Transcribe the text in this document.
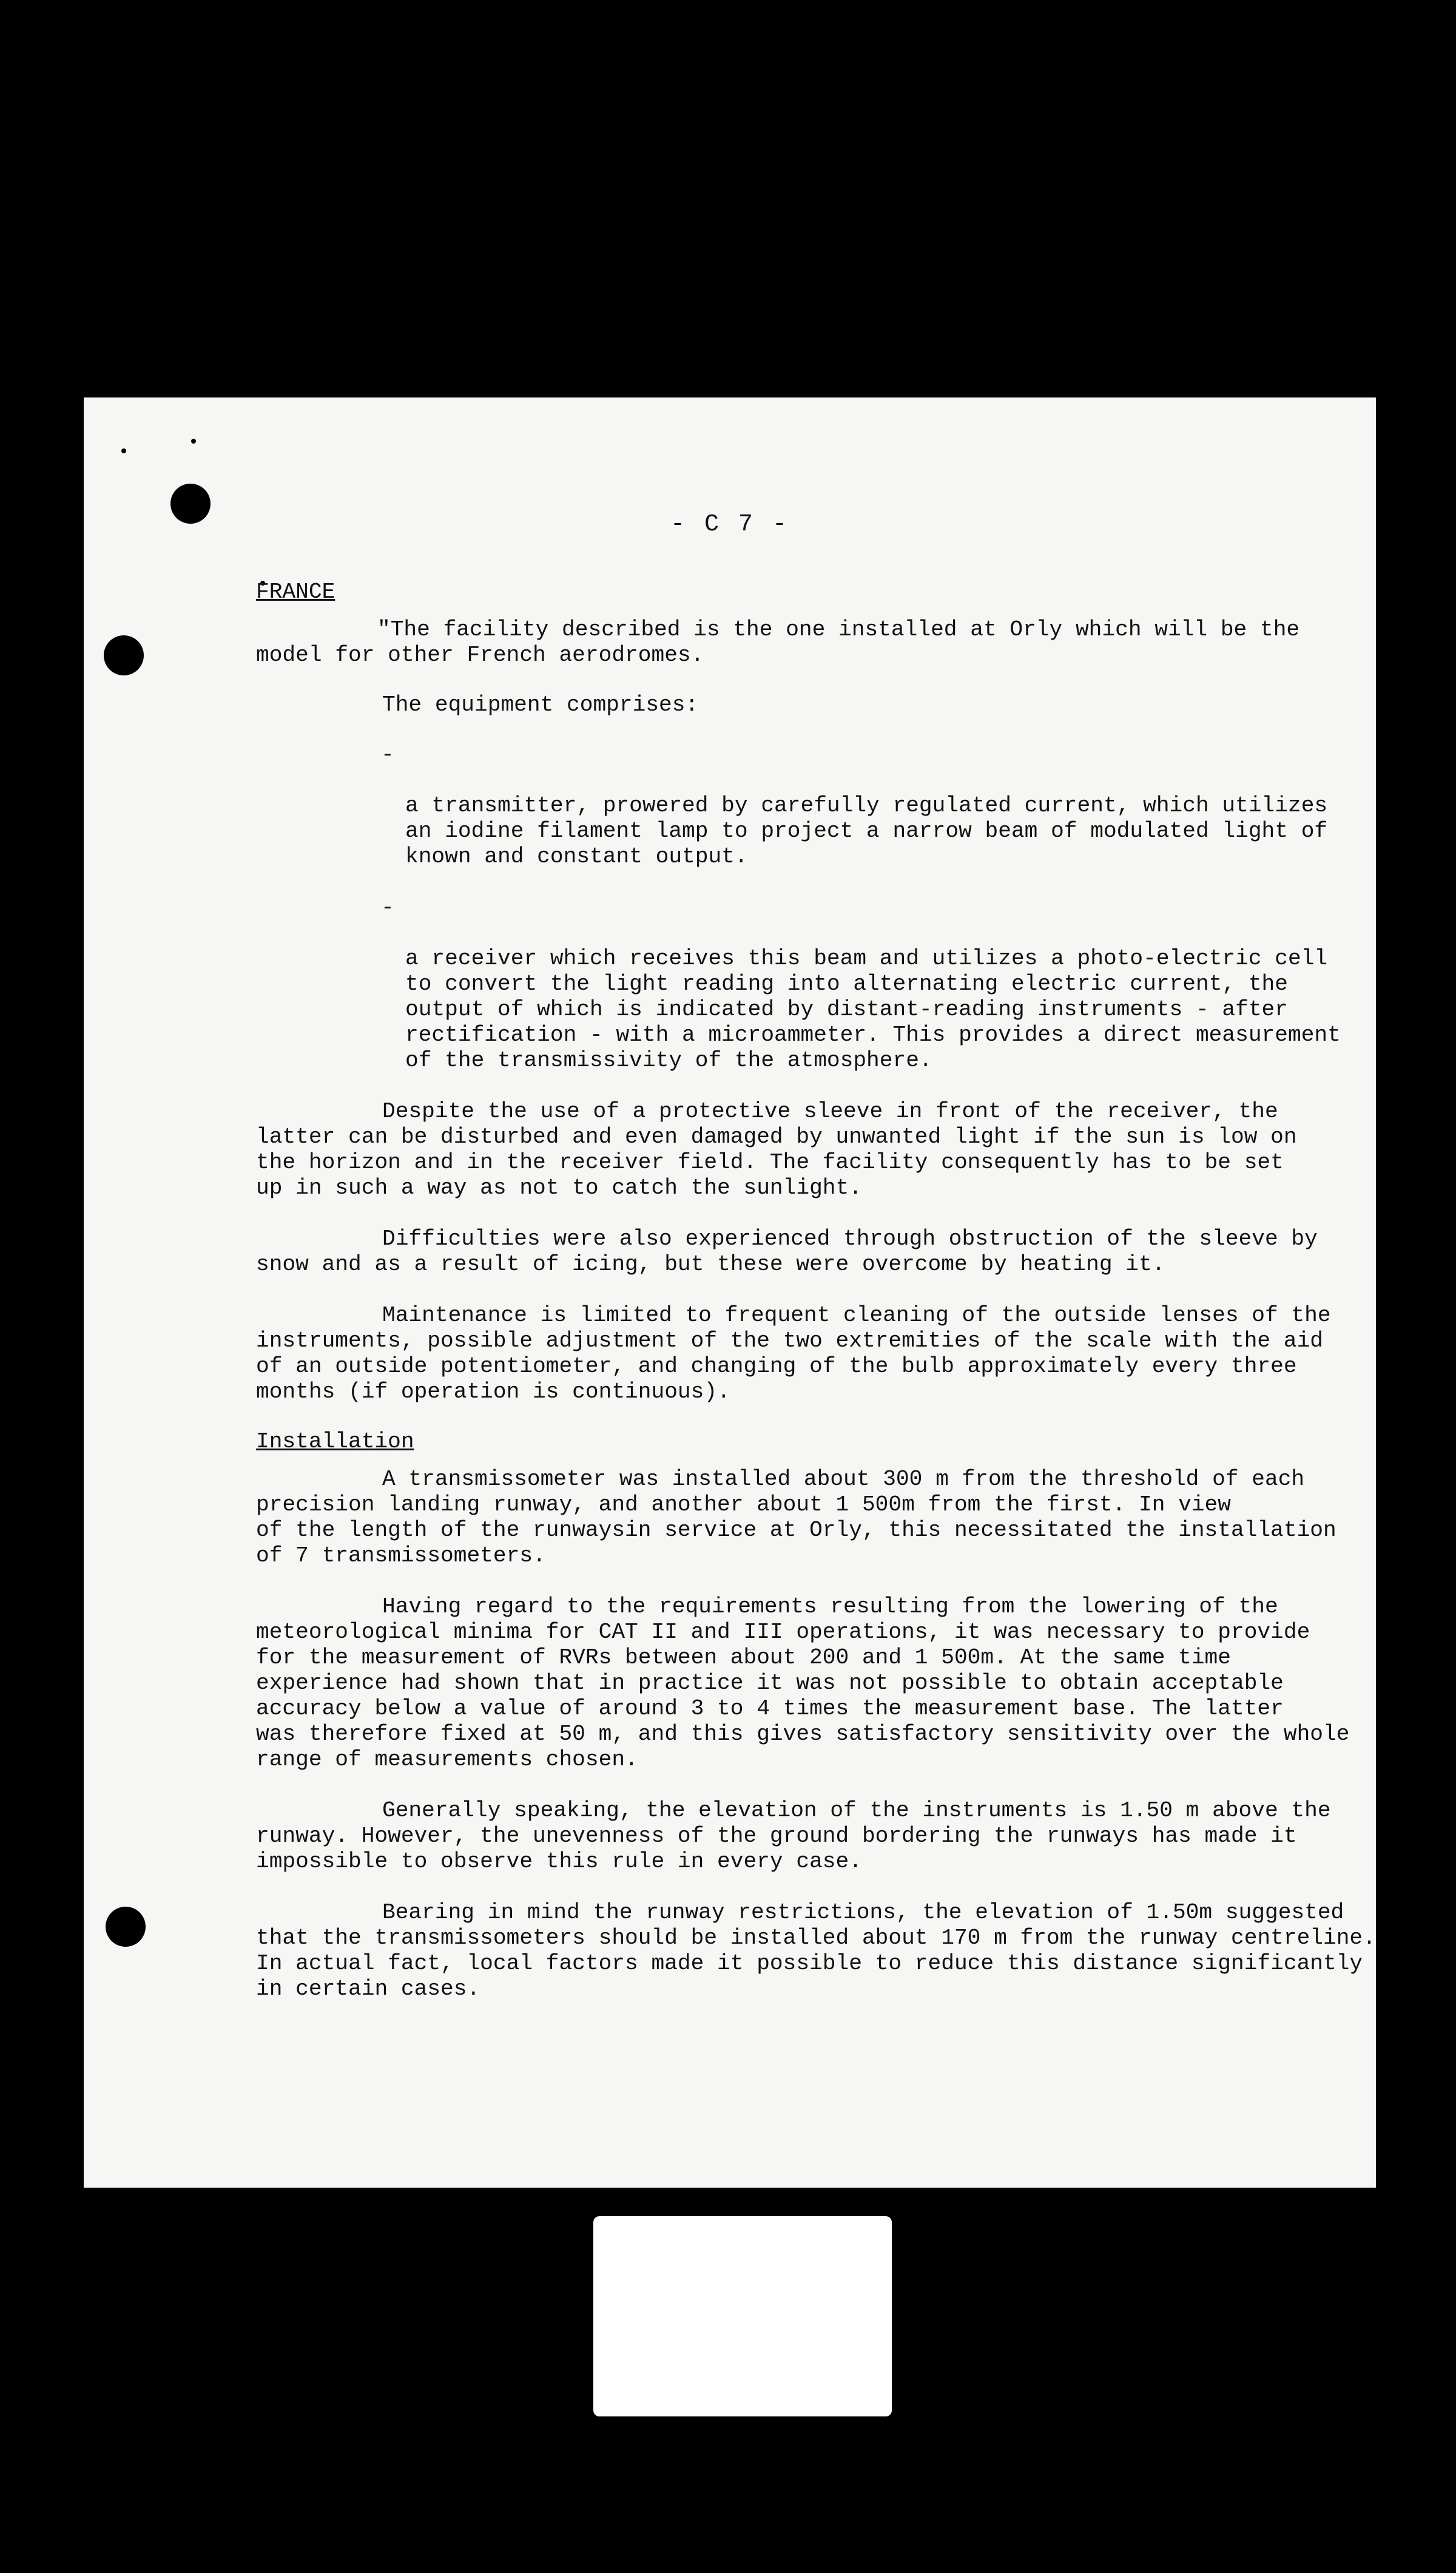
- C 7 -
FRANCE

"The facility described is the one installed at Orly which will be the
model for other French aerodromes.

The equipment comprises:

-

a transmitter, prowered by carefully regulated current, which utilizes
an iodine filament lamp to project a narrow beam of modulated light of
known and constant output.

-

a receiver which receives this beam and utilizes a photo-electric cell
to convert the light reading into alternating electric current, the
output of which is indicated by distant-reading instruments - after
rectification - with a microammeter. This provides a direct measurement
of the transmissivity of the atmosphere.

Despite the use of a protective sleeve in front of the receiver, the
latter can be disturbed and even damaged by unwanted light if the sun is low on
the horizon and in the receiver field. The facility consequently has to be set
up in such a way as not to catch the sunlight.

Difficulties were also experienced through obstruction of the sleeve by
snow and as a result of icing, but these were overcome by heating it.

Maintenance is limited to frequent cleaning of the outside lenses of the
instruments, possible adjustment of the two extremities of the scale with the aid
of an outside potentiometer, and changing of the bulb approximately every three
months (if operation is continuous).

Installation

A transmissometer was installed about 300 m from the threshold of each
precision landing runway, and another about 1 500m from the first. In view
of the length of the runwaysin service at Orly, this necessitated the installation
of 7 transmissometers.

Having regard to the requirements resulting from the lowering of the
meteorological minima for CAT II and III operations, it was necessary to provide
for the measurement of RVRs between about 200 and 1 500m. At the same time
experience had shown that in practice it was not possible to obtain acceptable
accuracy below a value of around 3 to 4 times the measurement base. The latter
was therefore fixed at 50 m, and this gives satisfactory sensitivity over the whole
range of measurements chosen.

Generally speaking, the elevation of the instruments is 1.50 m above the
runway. However, the unevenness of the ground bordering the runways has made it
impossible to observe this rule in every case.

Bearing in mind the runway restrictions, the elevation of 1.50m suggested
that the transmissometers should be installed about 170 m from the runway centreline.
In actual fact, local factors made it possible to reduce this distance significantly
in certain cases.
